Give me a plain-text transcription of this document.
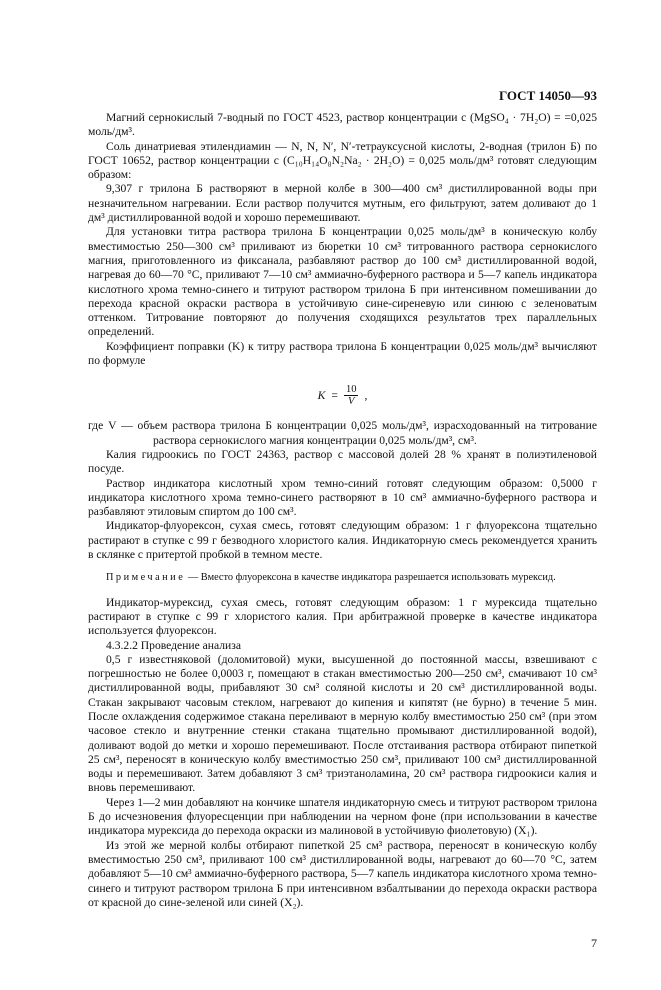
ГОСТ 14050—93

Магний сернокислый 7-водный по ГОСТ 4523, раствор концентрации c (MgSO₄ · 7H₂O) = =0,025 моль/дм³.

Соль динатриевая этилендиамин — N, N, N′, N′-тетрауксусной кислоты, 2-водная (трилон Б) по ГОСТ 10652, раствор концентрации c (C₁₀H₁₄O₈N₂Na₂ · 2H₂O) = 0,025 моль/дм³ готовят следующим образом:

9,307 г трилона Б растворяют в мерной колбе в 300—400 см³ дистиллированной воды при незначительном нагревании. Если раствор получится мутным, его фильтруют, затем доливают до 1 дм³ дистиллированной водой и хорошо перемешивают.

Для установки титра раствора трилона Б концентрации 0,025 моль/дм³ в коническую колбу вместимостью 250—300 см³ приливают из бюретки 10 см³ титрованного раствора сернокислого магния, приготовленного из фиксанала, разбавляют раствор до 100 см³ дистиллированной водой, нагревая до 60—70 °С, приливают 7—10 см³ аммиачно-буферного раствора и 5—7 капель индикатора кислотного хрома темно-синего и титруют раствором трилона Б при интенсивном помешивании до перехода красной окраски раствора в устойчивую сине-сиреневую или синюю с зеленоватым оттенком. Титрование повторяют до получения сходящихся результатов трех параллельных определений.

Коэффициент поправки (K) к титру раствора трилона Б концентрации 0,025 моль/дм³ вычисляют по формуле

$K = \frac{10}{V}$ ,

где V — объем раствора трилона Б концентрации 0,025 моль/дм³, израсходованный на титрование раствора сернокислого магния концентрации 0,025 моль/дм³, см³.

Калия гидроокись по ГОСТ 24363, раствор с массовой долей 28 % хранят в полиэтиленовой посуде.

Раствор индикатора кислотный хром темно-синий готовят следующим образом: 0,5000 г индикатора кислотного хрома темно-синего растворяют в 10 см³ аммиачно-буферного раствора и разбавляют этиловым спиртом до 100 см³.

Индикатор-флуорексон, сухая смесь, готовят следующим образом: 1 г флуорексона тщательно растирают в ступке с 99 г безводного хлористого калия. Индикаторную смесь рекомендуется хранить в склянке с притертой пробкой в темном месте.

Примечание — Вместо флуорексона в качестве индикатора разрешается использовать мурексид.

Индикатор-мурексид, сухая смесь, готовят следующим образом: 1 г мурексида тщательно растирают в ступке с 99 г хлористого калия. При арбитражной проверке в качестве индикатора используется флуорексон.

4.3.2.2 Проведение анализа

0,5 г известняковой (доломитовой) муки, высушенной до постоянной массы, взвешивают с погрешностью не более 0,0003 г, помещают в стакан вместимостью 200—250 см³, смачивают 10 см³ дистиллированной воды, прибавляют 30 см³ соляной кислоты и 20 см³ дистиллированной воды. Стакан закрывают часовым стеклом, нагревают до кипения и кипятят (не бурно) в течение 5 мин. После охлаждения содержимое стакана переливают в мерную колбу вместимостью 250 см³ (при этом часовое стекло и внутренние стенки стакана тщательно промывают дистиллированной водой), доливают водой до метки и хорошо перемешивают. После отстаивания раствора отбирают пипеткой 25 см³, переносят в коническую колбу вместимостью 250 см³, приливают 100 см³ дистиллированной воды и перемешивают. Затем добавляют 3 см³ триэтаноламина, 20 см³ раствора гидроокиси калия и вновь перемешивают.

Через 1—2 мин добавляют на кончике шпателя индикаторную смесь и титруют раствором трилона Б до исчезновения флуоресценции при наблюдении на черном фоне (при использовании в качестве индикатора мурексида до перехода окраски из малиновой в устойчивую фиолетовую) (X₁).

Из этой же мерной колбы отбирают пипеткой 25 см³ раствора, переносят в коническую колбу вместимостью 250 см³, приливают 100 см³ дистиллированной воды, нагревают до 60—70 °С, затем добавляют 5—10 см³ аммиачно-буферного раствора, 5—7 капель индикатора кислотного хрома темно-синего и титруют раствором трилона Б при интенсивном взбалтывании до перехода окраски раствора от красной до сине-зеленой или синей (X₂).

7
